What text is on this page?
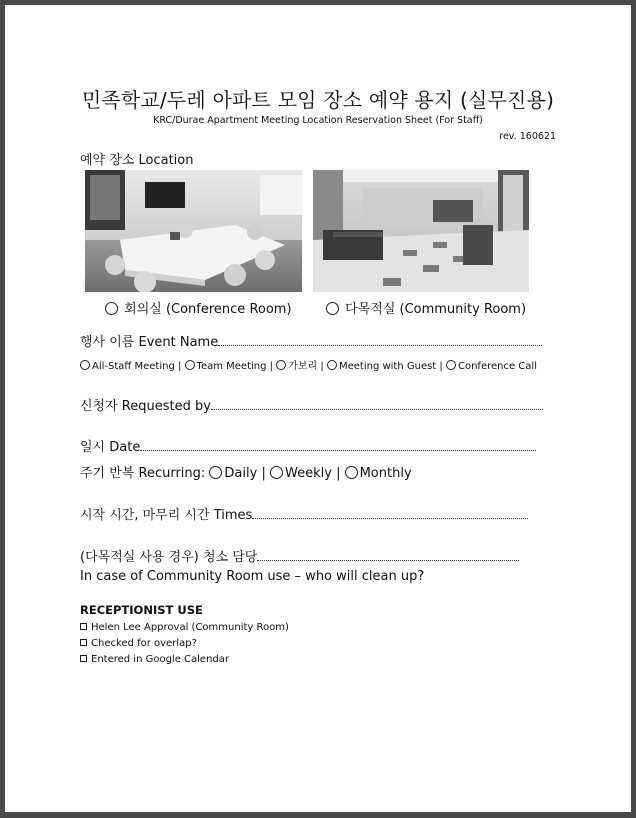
민족학교/두레 아파트 모임 장소 예약 용지 (실무진용)
KRC/Durae Apartment Meeting Location Reservation Sheet (For Staff)
rev. 160621
예약 장소 Location
회의실 (Conference Room)	다목적실 (Community Room)
행사 이름 Event Name
All-Staff Meeting | Team Meeting | 가보리 | Meeting with Guest | Conference Call
신청자 Requested by
일시 Date
주기 반복 Recurring: Daily | Weekly | Monthly
시작 시간, 마무리 시간 Times
(다목적실 사용 경우) 청소 담당
In case of Community Room use – who will clean up?
RECEPTIONIST USE
Helen Lee Approval (Community Room)
Checked for overlap?
Entered in Google Calendar
